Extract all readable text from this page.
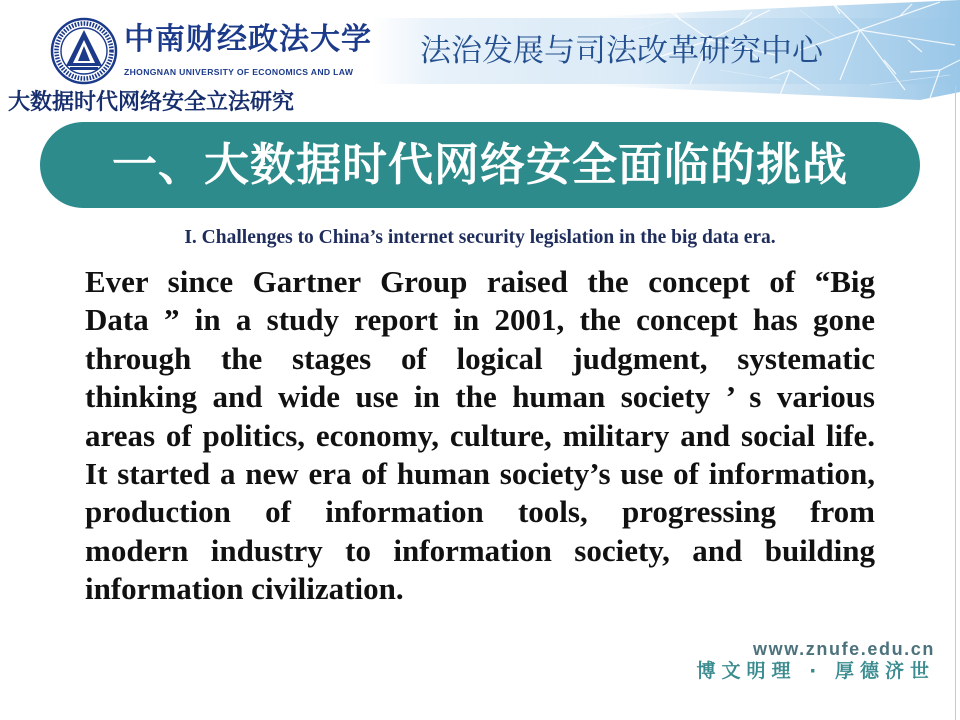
中南财经政法大学
ZHONGNAN UNIVERSITY OF ECONOMICS AND LAW
法治发展与司法改革研究中心
大数据时代网络安全立法研究
一、大数据时代网络安全面临的挑战
I. Challenges to China’s internet security legislation in the big data era.
Ever since Gartner Group raised the concept of “Big
Data ” in a study report in 2001, the concept has gone
through the stages of logical judgment, systematic
thinking and wide use in the human society ’ s various
areas of politics, economy, culture, military and social life.
It started a new era of human society’s use of information,
production of information tools, progressing from
modern industry to information society, and building
information civilization.
www.znufe.edu.cn
博文明理 · 厚德济世
